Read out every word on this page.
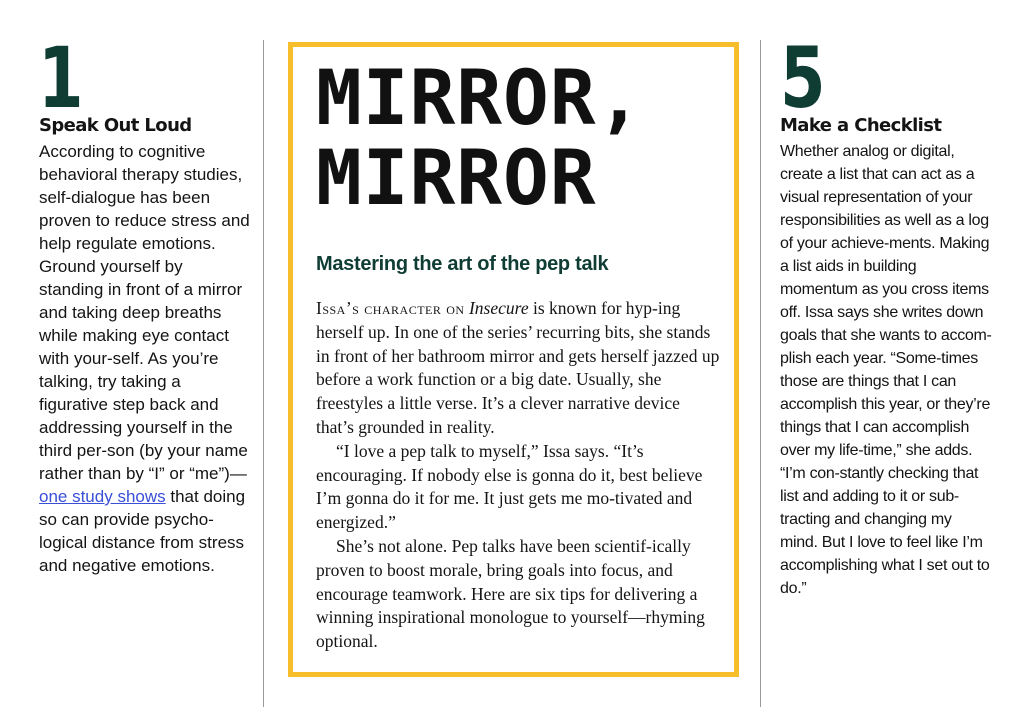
1
Speak Out Loud
According to cognitive behavioral therapy studies, self-dialogue has been proven to reduce stress and help regulate emotions. Ground yourself by standing in front of a mirror and taking deep breaths while making eye contact with your-self. As you’re talking, try taking a figurative step back and addressing yourself in the third per-son (by your name rather than by “I” or “me”)—one study shows that doing so can provide psycho-logical distance from stress and negative emotions.
MIRROR,
MIRROR
Mastering the art of the pep talk

Issa’s character on Insecure is known for hyp-ing herself up. In one of the series’ recurring bits, she stands in front of her bathroom mirror and gets herself jazzed up before a work function or a big date. Usually, she freestyles a little verse. It’s a clever narrative device that’s grounded in reality.

“I love a pep talk to myself,” Issa says. “It’s encouraging. If nobody else is gonna do it, best believe I’m gonna do it for me. It just gets me mo-tivated and energized.”

She’s not alone. Pep talks have been scientif-ically proven to boost morale, bring goals into focus, and encourage teamwork. Here are six tips for delivering a winning inspirational monologue to yourself—rhyming optional.

5
Make a Checklist
Whether analog or digital, create a list that can act as a visual representation of your responsibilities as well as a log of your achieve-ments. Making a list aids in building momentum as you cross items off. Issa says she writes down goals that she wants to accom-plish each year. “Some-times those are things that I can accomplish this year, or they’re things that I can accomplish over my life-time,” she adds. “I’m con-stantly checking that list and adding to it or sub-tracting and changing my mind. But I love to feel like I’m accomplishing what I set out to do.”
